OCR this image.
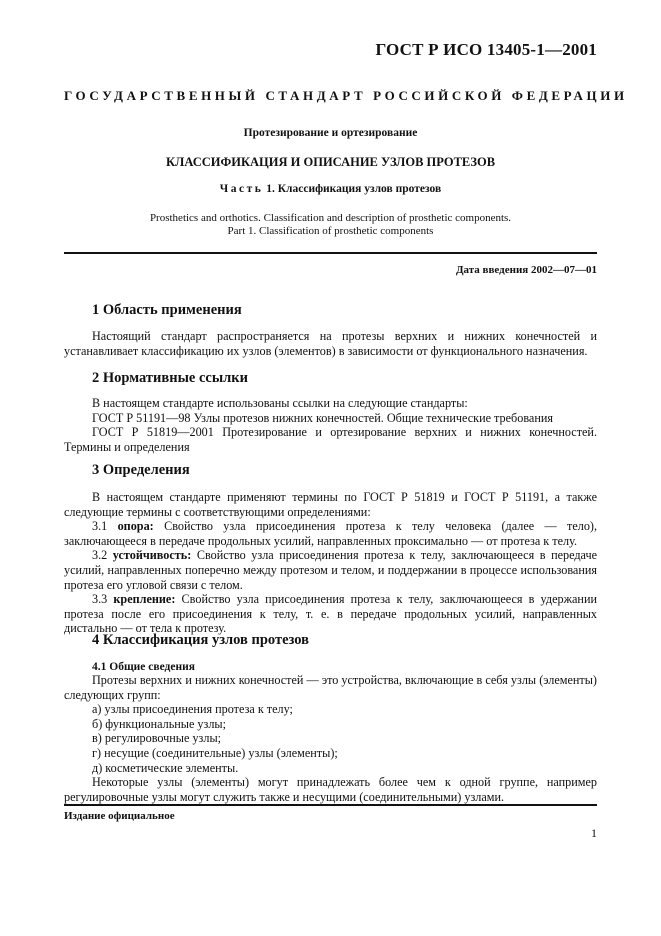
ГОСТ Р ИСО 13405-1—2001
ГОСУДАРСТВЕННЫЙ СТАНДАРТ РОССИЙСКОЙ ФЕДЕРАЦИИ
Протезирование и ортезирование
КЛАССИФИКАЦИЯ И ОПИСАНИЕ УЗЛОВ ПРОТЕЗОВ
Часть 1. Классификация узлов протезов
Prosthetics and orthotics. Classification and description of prosthetic components.
Part 1. Classification of prosthetic components
Дата введения 2002—07—01
1 Область применения
Настоящий стандарт распространяется на протезы верхних и нижних конечностей и устанавливает классификацию их узлов (элементов) в зависимости от функционального назначения.
2 Нормативные ссылки
В настоящем стандарте использованы ссылки на следующие стандарты:
ГОСТ Р 51191—98 Узлы протезов нижних конечностей. Общие технические требования
ГОСТ Р 51819—2001 Протезирование и ортезирование верхних и нижних конечностей. Термины и определения
3 Определения
В настоящем стандарте применяют термины по ГОСТ Р 51819 и ГОСТ Р 51191, а также следующие термины с соответствующими определениями:
3.1 опора: Свойство узла присоединения протеза к телу человека (далее — тело), заключающееся в передаче продольных усилий, направленных проксимально — от протеза к телу.
3.2 устойчивость: Свойство узла присоединения протеза к телу, заключающееся в передаче усилий, направленных поперечно между протезом и телом, и поддержании в процессе использования протеза его угловой связи с телом.
3.3 крепление: Свойство узла присоединения протеза к телу, заключающееся в удержании протеза после его присоединения к телу, т. е. в передаче продольных усилий, направленных дистально — от тела к протезу.
4 Классификация узлов протезов
4.1 Общие сведения
Протезы верхних и нижних конечностей — это устройства, включающие в себя узлы (элементы) следующих групп:
а) узлы присоединения протеза к телу;
б) функциональные узлы;
в) регулировочные узлы;
г) несущие (соединительные) узлы (элементы);
д) косметические элементы.
Некоторые узлы (элементы) могут принадлежать более чем к одной группе, например регулировочные узлы могут служить также и несущими (соединительными) узлами.
Издание официальное
1
